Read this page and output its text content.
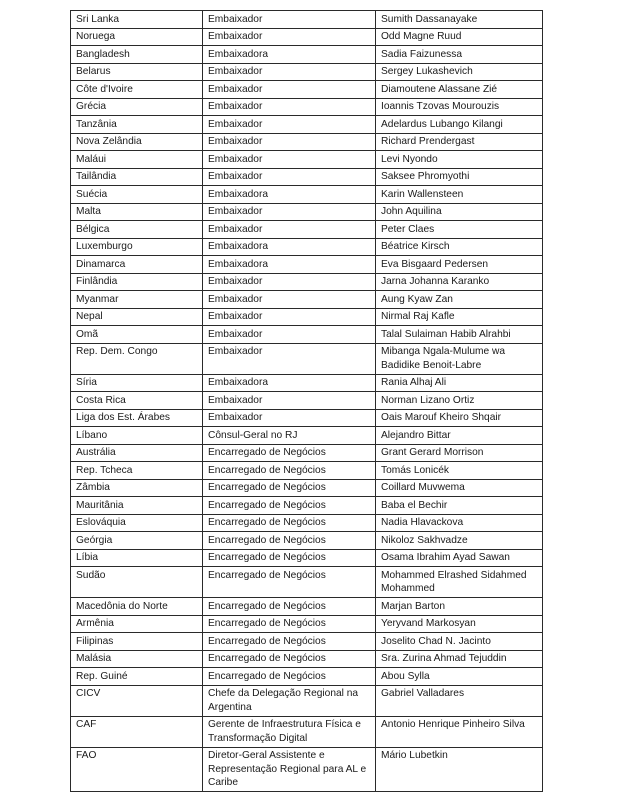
Sri Lanka	Embaixador	Sumith Dassanayake
Noruega	Embaixador	Odd Magne Ruud
Bangladesh	Embaixadora	Sadia Faizunessa
Belarus	Embaixador	Sergey Lukashevich
Côte d'Ivoire	Embaixador	Diamoutene Alassane Zié
Grécia	Embaixador	Ioannis Tzovas Mourouzis
Tanzânia	Embaixador	Adelardus Lubango Kilangi
Nova Zelândia	Embaixador	Richard Prendergast
Maláui	Embaixador	Levi Nyondo
Tailândia	Embaixador	Saksee Phromyothi
Suécia	Embaixadora	Karin Wallensteen
Malta	Embaixador	John Aquilina
Bélgica	Embaixador	Peter Claes
Luxemburgo	Embaixadora	Béatrice Kirsch
Dinamarca	Embaixadora	Eva Bisgaard Pedersen
Finlândia	Embaixador	Jarna Johanna Karanko
Myanmar	Embaixador	Aung Kyaw Zan
Nepal	Embaixador	Nirmal Raj Kafle
Omã	Embaixador	Talal Sulaiman Habib Alrahbi
Rep. Dem. Congo	Embaixador	Mibanga Ngala-Mulume wa Badidike Benoit-Labre
Síria	Embaixadora	Rania Alhaj Ali
Costa Rica	Embaixador	Norman Lizano Ortiz
Liga dos Est. Árabes	Embaixador	Oais Marouf Kheiro Shqair
Líbano	Cônsul-Geral no RJ	Alejandro Bittar
Austrália	Encarregado de Negócios	Grant Gerard Morrison
Rep. Tcheca	Encarregado de Negócios	Tomás Lonicék
Zâmbia	Encarregado de Negócios	Coillard Muvwema
Mauritânia	Encarregado de Negócios	Baba el Bechir
Eslováquia	Encarregado de Negócios	Nadia Hlavackova
Geórgia	Encarregado de Negócios	Nikoloz Sakhvadze
Líbia	Encarregado de Negócios	Osama Ibrahim Ayad Sawan
Sudão	Encarregado de Negócios	Mohammed Elrashed Sidahmed Mohammed
Macedônia do Norte	Encarregado de Negócios	Marjan Barton
Armênia	Encarregado de Negócios	Yeryvand Markosyan
Filipinas	Encarregado de Negócios	Joselito Chad N. Jacinto
Malásia	Encarregado de Negócios	Sra. Zurina Ahmad Tejuddin
Rep. Guiné	Encarregado de Negócios	Abou Sylla
CICV	Chefe da Delegação Regional na Argentina	Gabriel Valladares
CAF	Gerente de Infraestrutura Física e Transformação Digital	Antonio Henrique Pinheiro Silva
FAO	Diretor-Geral Assistente e Representação Regional para AL e Caribe	Mário Lubetkin
